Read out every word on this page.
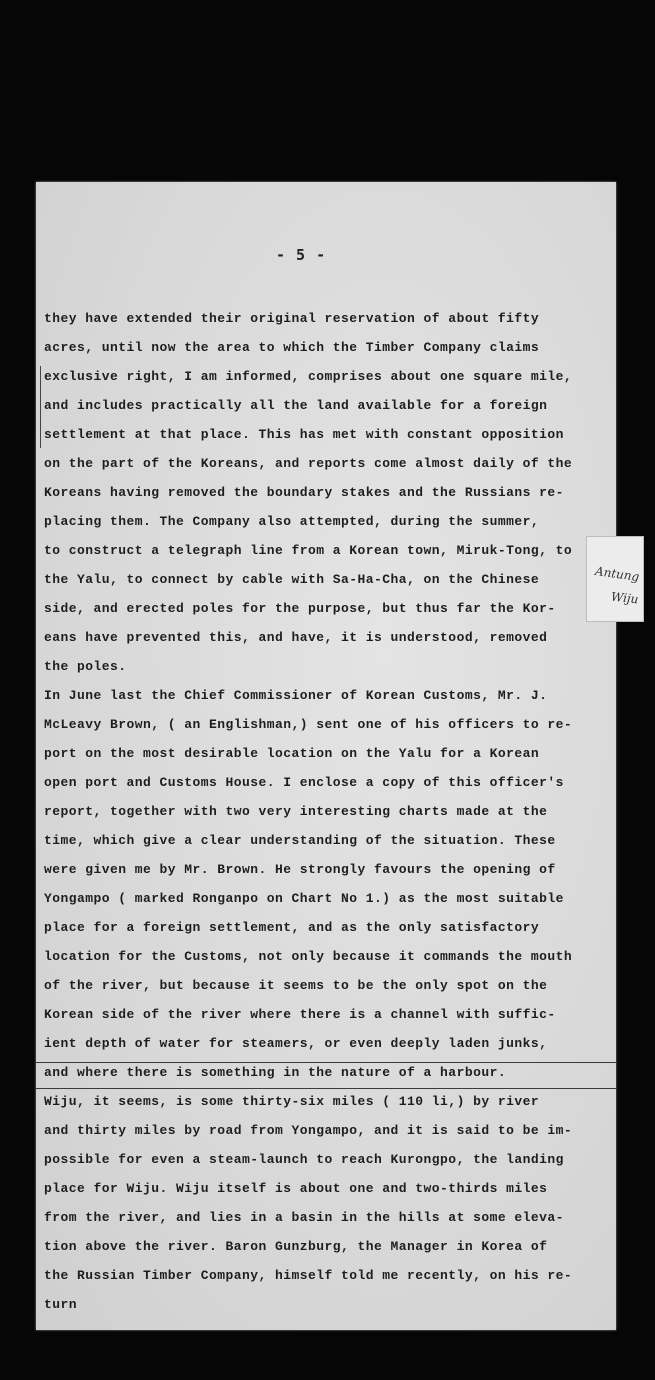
- 5 -
they have extended their original reservation of about fifty
acres, until now the area to which the Timber Company claims
exclusive right, I am informed, comprises about one square mile,
and includes practically all the land available for a foreign
settlement at that place. This has met with constant opposition
on the part of the Koreans, and reports come almost daily of the
Koreans having removed the boundary stakes and the Russians re-
placing them. The Company also attempted, during the summer,
to construct a telegraph line from a Korean town, Miruk-Tong, to
the Yalu, to connect by cable with Sa-Ha-Cha, on the Chinese
side, and erected poles for the purpose, but thus far the Kor-
eans have prevented this, and have, it is understood, removed
the poles.
In June last the Chief Commissioner of Korean Customs, Mr. J.
McLeavy Brown, ( an Englishman,) sent one of his officers to re-
port on the most desirable location on the Yalu for a Korean
open port and Customs House. I enclose a copy of this officer's
report, together with two very interesting charts made at the
time, which give a clear understanding of the situation. These
were given me by Mr. Brown. He strongly favours the opening of
Yongampo ( marked Ronganpo on Chart No 1.) as the most suitable
place for a foreign settlement, and as the only satisfactory
location for the Customs, not only because it commands the mouth
of the river, but because it seems to be the only spot on the
Korean side of the river where there is a channel with suffic-
ient depth of water for steamers, or even deeply laden junks,
and where there is something in the nature of a harbour.
Wiju, it seems, is some thirty-six miles ( 110 li,) by river
and thirty miles by road from Yongampo, and it is said to be im-
possible for even a steam-launch to reach Kurongpo, the landing
place for Wiju. Wiju itself is about one and two-thirds miles
from the river, and lies in a basin in the hills at some eleva-
tion above the river. Baron Gunzburg, the Manager in Korea of
the Russian Timber Company, himself told me recently, on his re-
turn
Antung
Wiju
